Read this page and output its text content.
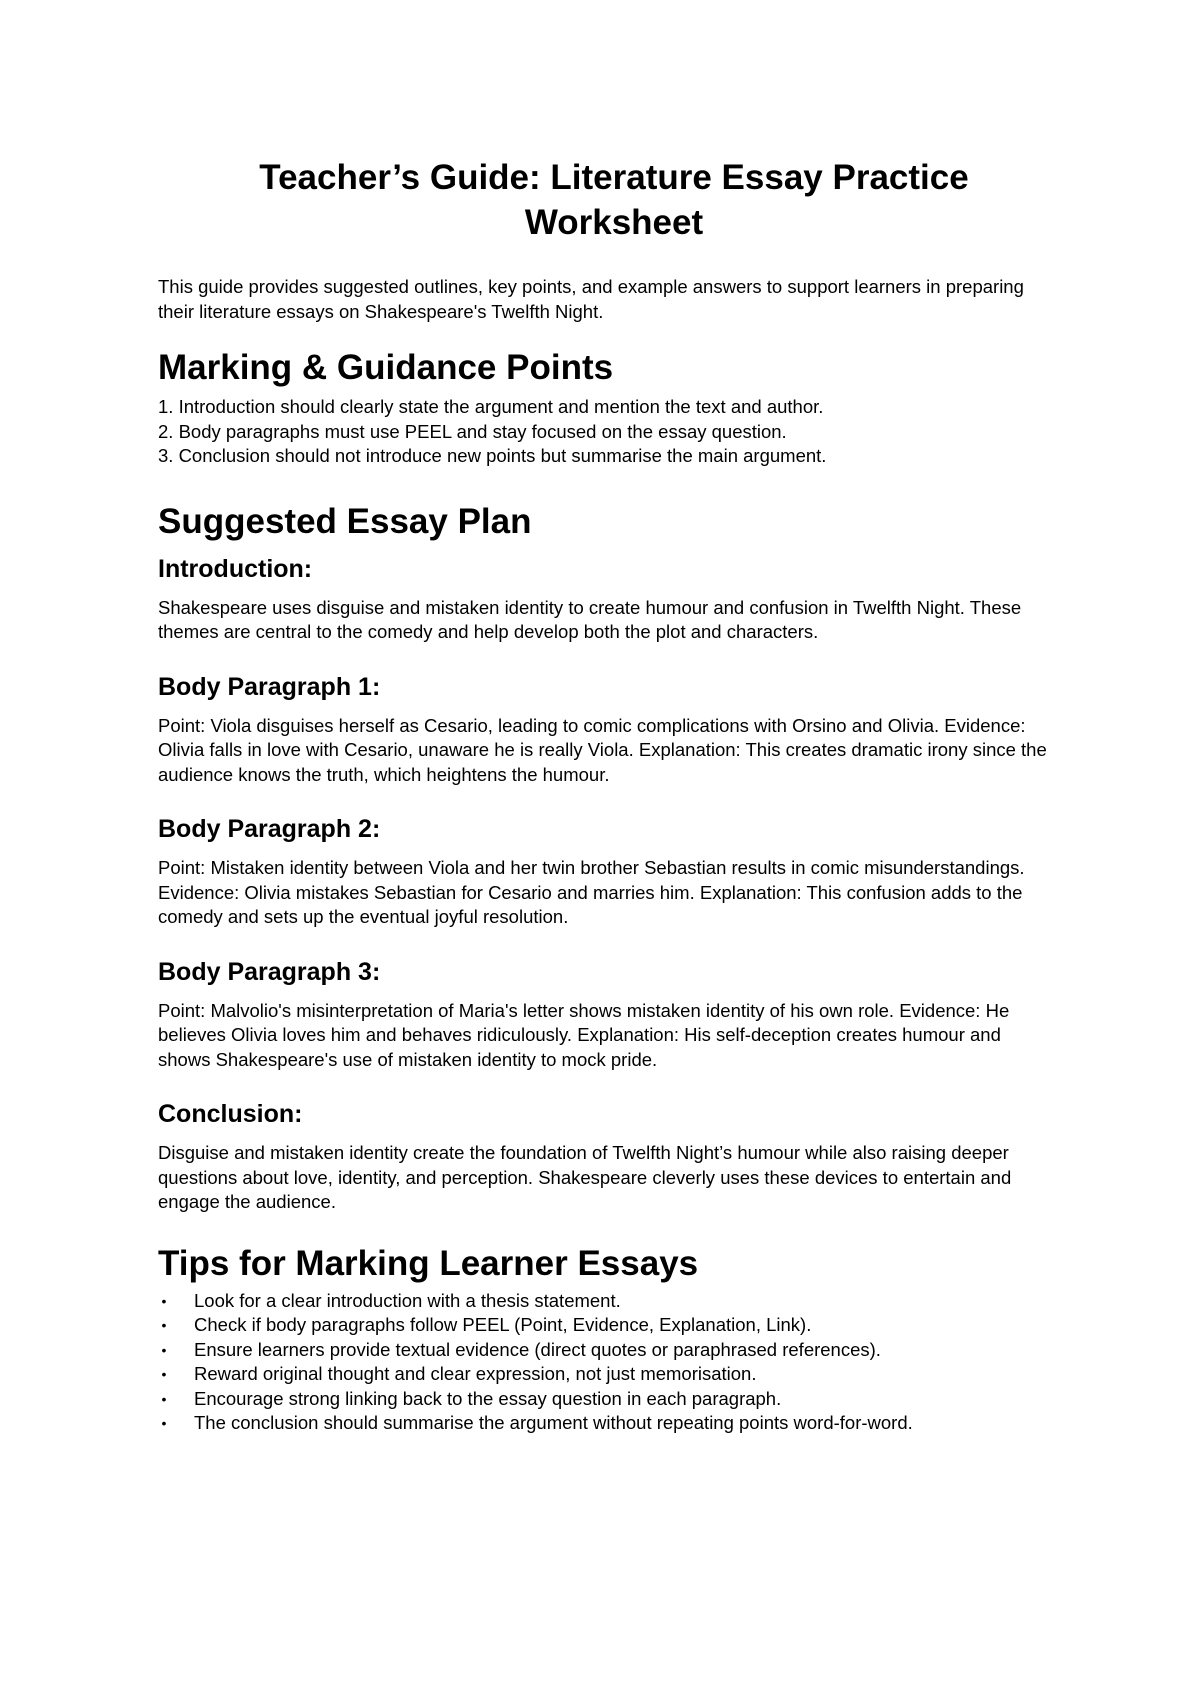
Teacher’s Guide: Literature Essay Practice Worksheet

This guide provides suggested outlines, key points, and example answers to support learners in preparing their literature essays on Shakespeare's Twelfth Night.

Marking & Guidance Points
1. Introduction should clearly state the argument and mention the text and author.
2. Body paragraphs must use PEEL and stay focused on the essay question.
3. Conclusion should not introduce new points but summarise the main argument.
Suggested Essay Plan
Introduction:

Shakespeare uses disguise and mistaken identity to create humour and confusion in Twelfth Night. These themes are central to the comedy and help develop both the plot and characters.

Body Paragraph 1:

Point: Viola disguises herself as Cesario, leading to comic complications with Orsino and Olivia. Evidence: Olivia falls in love with Cesario, unaware he is really Viola. Explanation: This creates dramatic irony since the audience knows the truth, which heightens the humour.

Body Paragraph 2:

Point: Mistaken identity between Viola and her twin brother Sebastian results in comic misunderstandings. Evidence: Olivia mistakes Sebastian for Cesario and marries him. Explanation: This confusion adds to the comedy and sets up the eventual joyful resolution.

Body Paragraph 3:

Point: Malvolio's misinterpretation of Maria's letter shows mistaken identity of his own role. Evidence: He believes Olivia loves him and behaves ridiculously. Explanation: His self-deception creates humour and shows Shakespeare's use of mistaken identity to mock pride.

Conclusion:

Disguise and mistaken identity create the foundation of Twelfth Night’s humour while also raising deeper questions about love, identity, and perception. Shakespeare cleverly uses these devices to entertain and engage the audience.

Tips for Marking Learner Essays
• Look for a clear introduction with a thesis statement.
• Check if body paragraphs follow PEEL (Point, Evidence, Explanation, Link).
• Ensure learners provide textual evidence (direct quotes or paraphrased references).
• Reward original thought and clear expression, not just memorisation.
• Encourage strong linking back to the essay question in each paragraph.
• The conclusion should summarise the argument without repeating points word-for-word.
